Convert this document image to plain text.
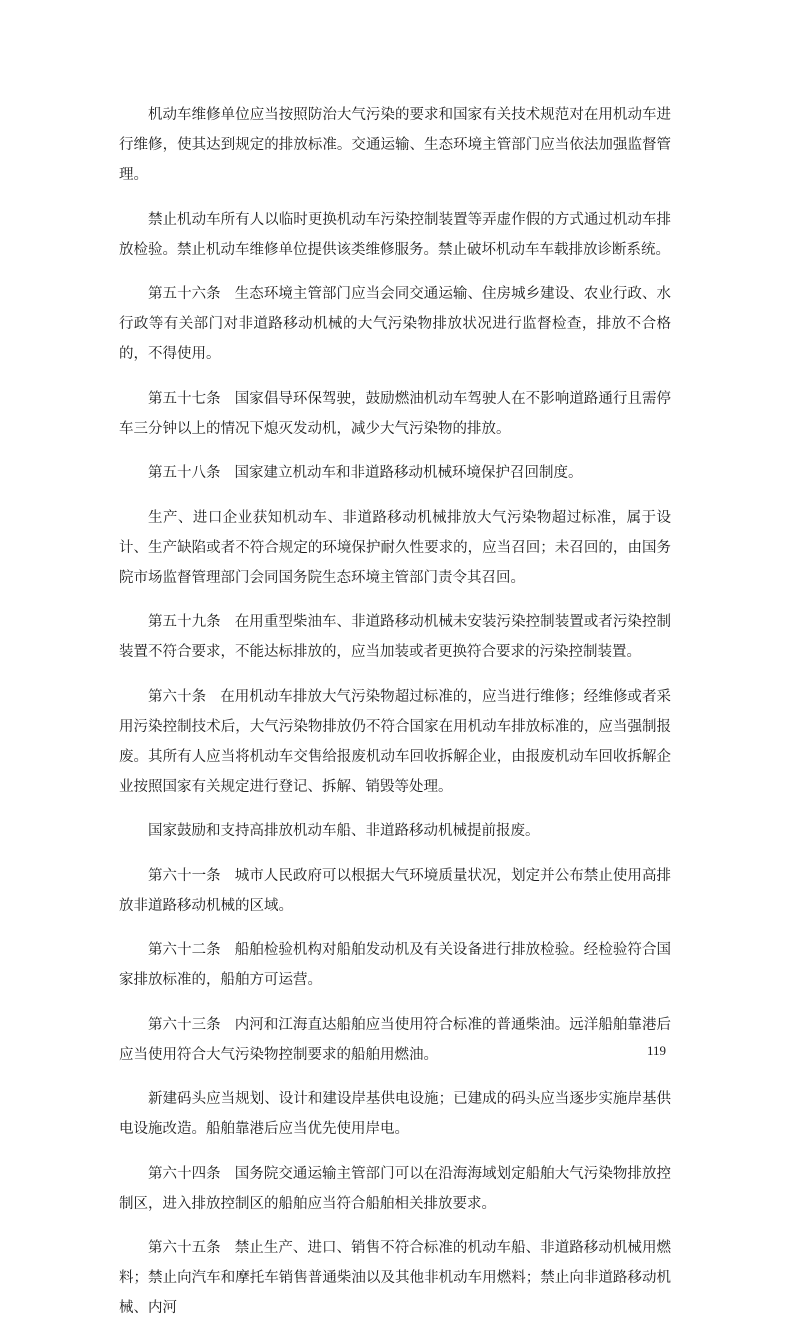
机动车维修单位应当按照防治大气污染的要求和国家有关技术规范对在用机动车进行维修，使其达到规定的排放标准。交通运输、生态环境主管部门应当依法加强监督管理。

禁止机动车所有人以临时更换机动车污染控制装置等弄虚作假的方式通过机动车排放检验。禁止机动车维修单位提供该类维修服务。禁止破坏机动车车载排放诊断系统。

第五十六条 生态环境主管部门应当会同交通运输、住房城乡建设、农业行政、水行政等有关部门对非道路移动机械的大气污染物排放状况进行监督检查，排放不合格的，不得使用。

第五十七条 国家倡导环保驾驶，鼓励燃油机动车驾驶人在不影响道路通行且需停车三分钟以上的情况下熄灭发动机，减少大气污染物的排放。

第五十八条 国家建立机动车和非道路移动机械环境保护召回制度。

生产、进口企业获知机动车、非道路移动机械排放大气污染物超过标准，属于设计、生产缺陷或者不符合规定的环境保护耐久性要求的，应当召回；未召回的，由国务院市场监督管理部门会同国务院生态环境主管部门责令其召回。

第五十九条 在用重型柴油车、非道路移动机械未安装污染控制装置或者污染控制装置不符合要求，不能达标排放的，应当加装或者更换符合要求的污染控制装置。

第六十条 在用机动车排放大气污染物超过标准的，应当进行维修；经维修或者采用污染控制技术后，大气污染物排放仍不符合国家在用机动车排放标准的，应当强制报废。其所有人应当将机动车交售给报废机动车回收拆解企业，由报废机动车回收拆解企业按照国家有关规定进行登记、拆解、销毁等处理。

国家鼓励和支持高排放机动车船、非道路移动机械提前报废。

第六十一条 城市人民政府可以根据大气环境质量状况，划定并公布禁止使用高排放非道路移动机械的区域。

第六十二条 船舶检验机构对船舶发动机及有关设备进行排放检验。经检验符合国家排放标准的，船舶方可运营。

第六十三条 内河和江海直达船舶应当使用符合标准的普通柴油。远洋船舶靠港后应当使用符合大气污染物控制要求的船舶用燃油。

新建码头应当规划、设计和建设岸基供电设施；已建成的码头应当逐步实施岸基供电设施改造。船舶靠港后应当优先使用岸电。

第六十四条 国务院交通运输主管部门可以在沿海海域划定船舶大气污染物排放控制区，进入排放控制区的船舶应当符合船舶相关排放要求。

第六十五条 禁止生产、进口、销售不符合标准的机动车船、非道路移动机械用燃料；禁止向汽车和摩托车销售普通柴油以及其他非机动车用燃料；禁止向非道路移动机械、内河

119
